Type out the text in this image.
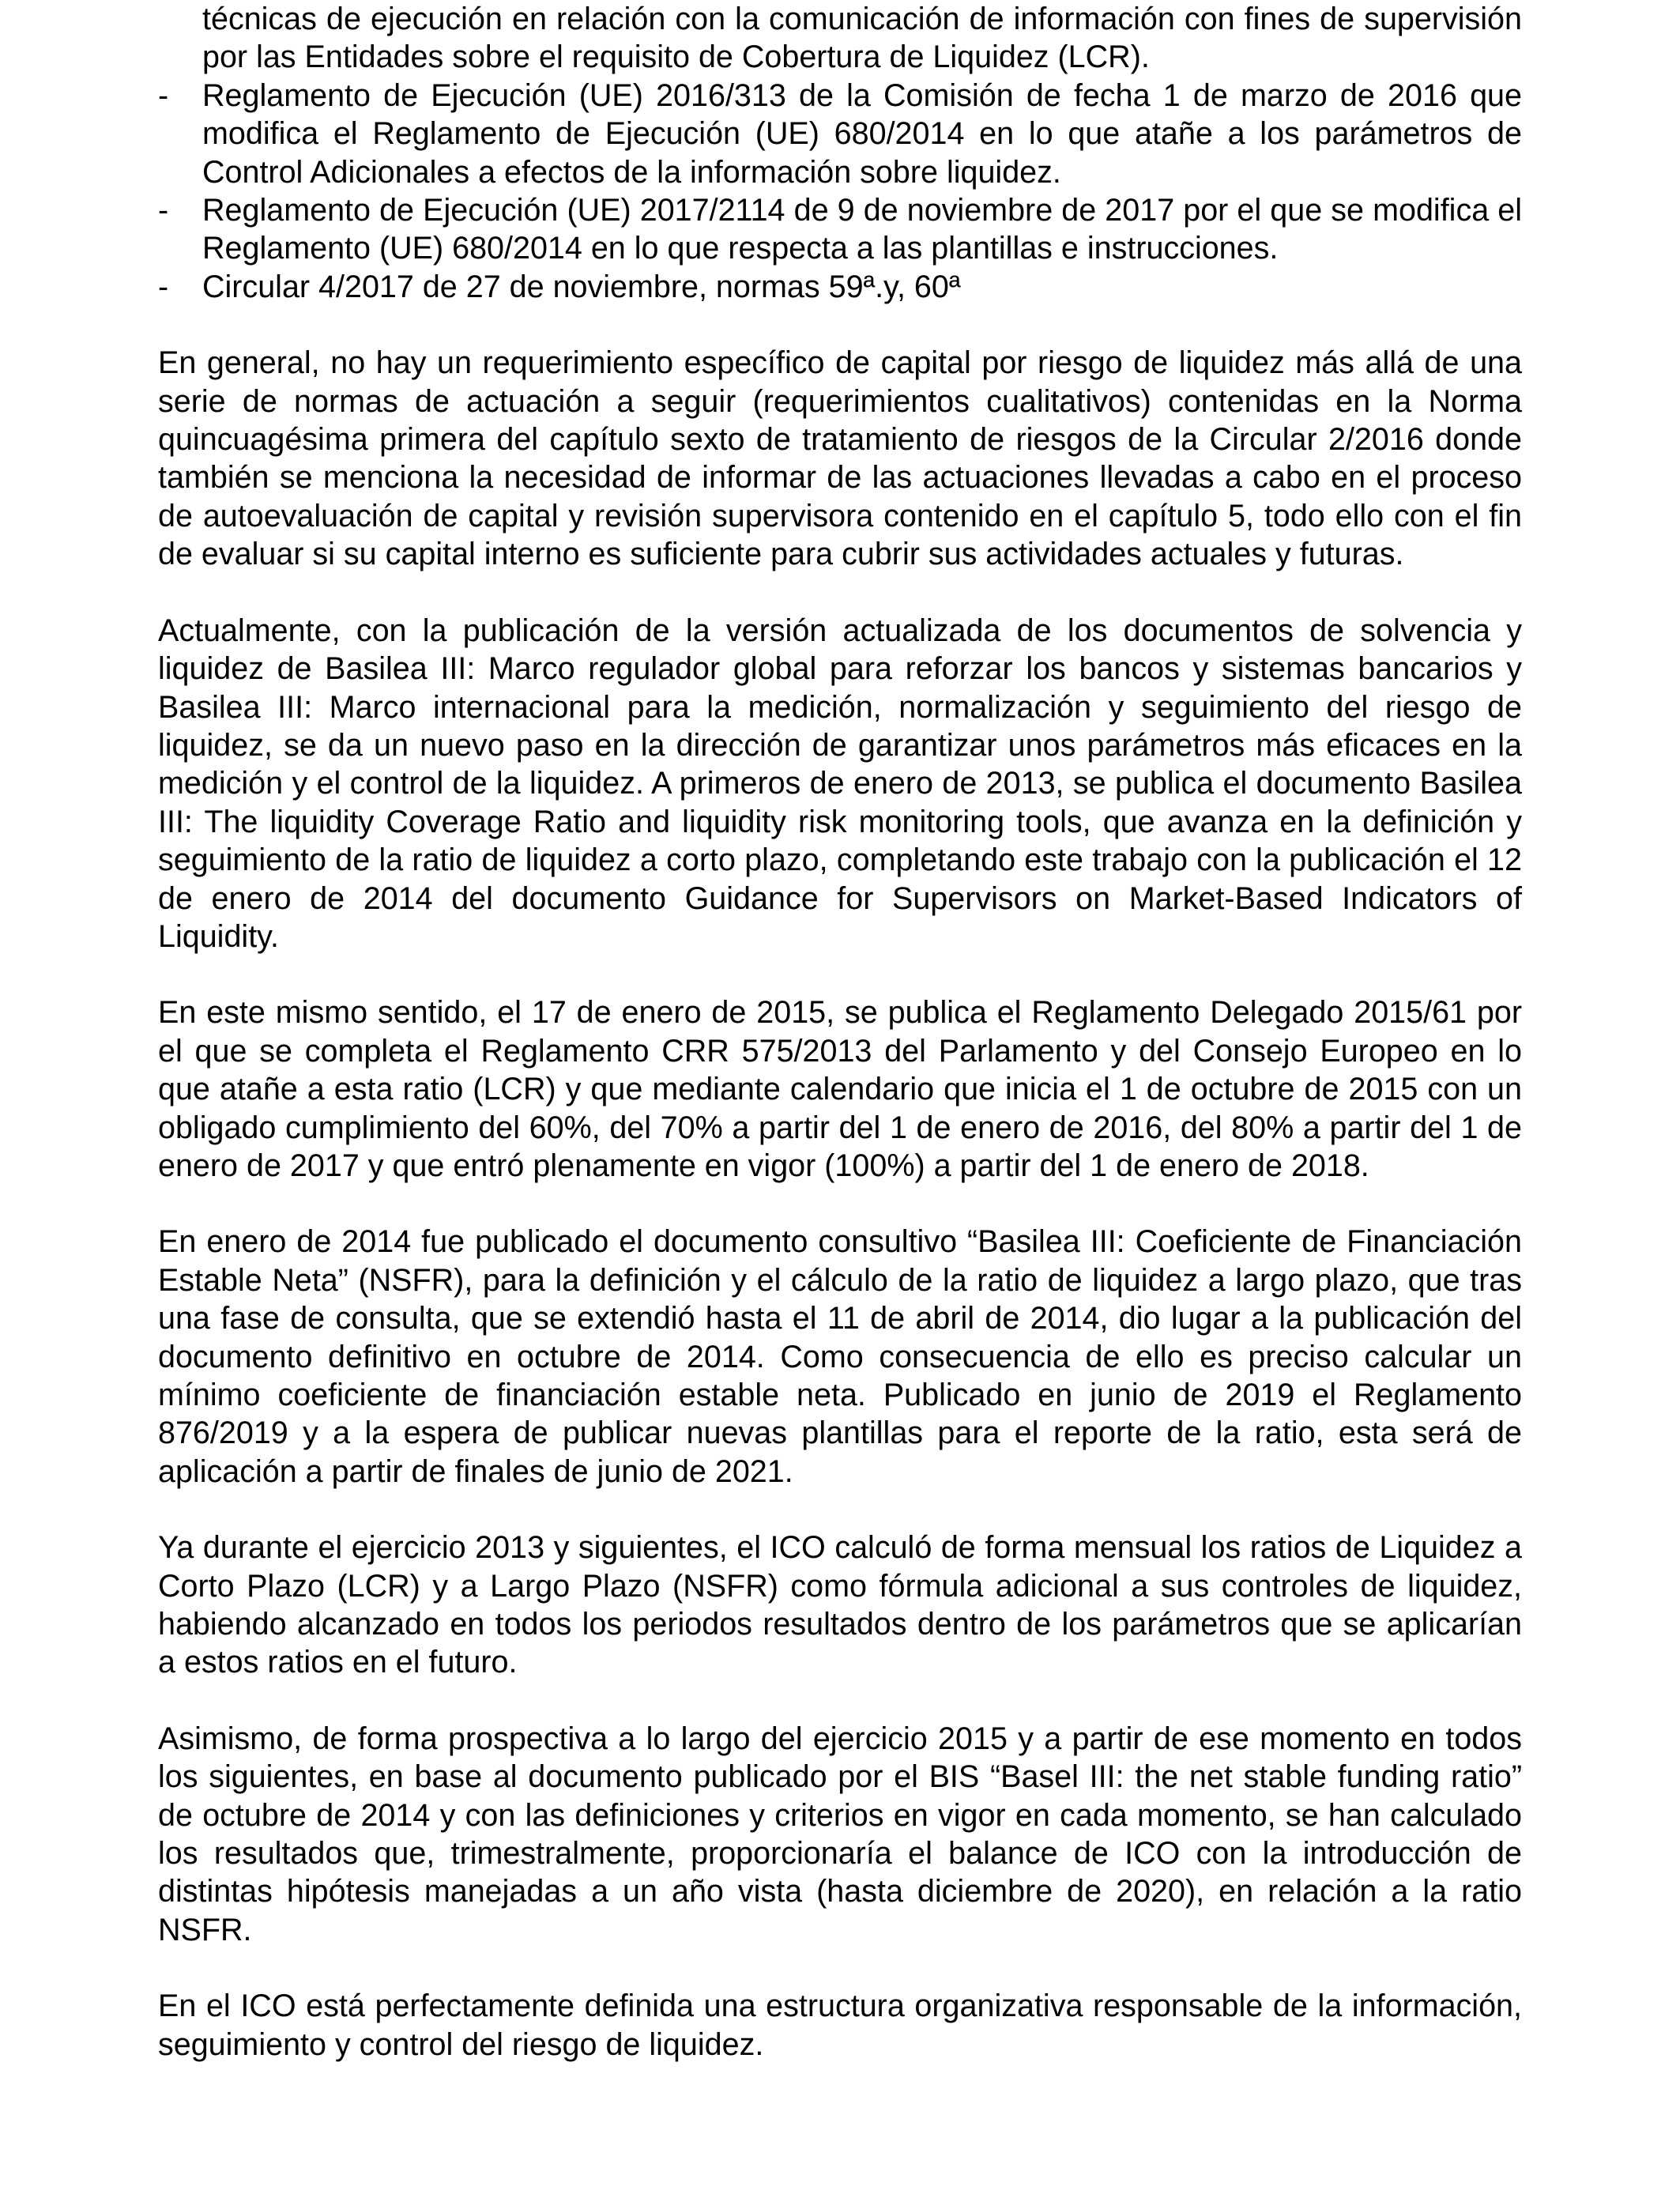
técnicas de ejecución en relación con la comunicación de información con fines de supervisión por las Entidades sobre el requisito de Cobertura de Liquidez (LCR).
- Reglamento de Ejecución (UE) 2016/313 de la Comisión de fecha 1 de marzo de 2016 que modifica el Reglamento de Ejecución (UE) 680/2014 en lo que atañe a los parámetros de Control Adicionales a efectos de la información sobre liquidez.
- Reglamento de Ejecución (UE) 2017/2114 de 9 de noviembre de 2017 por el que se modifica el Reglamento (UE) 680/2014 en lo que respecta a las plantillas e instrucciones.
- Circular 4/2017 de 27 de noviembre, normas 59ª.y, 60ª

En general, no hay un requerimiento específico de capital por riesgo de liquidez más allá de una serie de normas de actuación a seguir (requerimientos cualitativos) contenidas en la Norma quincuagésima primera del capítulo sexto de tratamiento de riesgos de la Circular 2/2016 donde también se menciona la necesidad de informar de las actuaciones llevadas a cabo en el proceso de autoevaluación de capital y revisión supervisora contenido en el capítulo 5, todo ello con el fin de evaluar si su capital interno es suficiente para cubrir sus actividades actuales y futuras.

Actualmente, con la publicación de la versión actualizada de los documentos de solvencia y liquidez de Basilea III: Marco regulador global para reforzar los bancos y sistemas bancarios y Basilea III: Marco internacional para la medición, normalización y seguimiento del riesgo de liquidez, se da un nuevo paso en la dirección de garantizar unos parámetros más eficaces en la medición y el control de la liquidez. A primeros de enero de 2013, se publica el documento Basilea III: The liquidity Coverage Ratio and liquidity risk monitoring tools, que avanza en la definición y seguimiento de la ratio de liquidez a corto plazo, completando este trabajo con la publicación el 12 de enero de 2014 del documento Guidance for Supervisors on Market-Based Indicators of Liquidity.

En este mismo sentido, el 17 de enero de 2015, se publica el Reglamento Delegado 2015/61 por el que se completa el Reglamento CRR 575/2013 del Parlamento y del Consejo Europeo en lo que atañe a esta ratio (LCR) y que mediante calendario que inicia el 1 de octubre de 2015 con un obligado cumplimiento del 60%, del 70% a partir del 1 de enero de 2016, del 80% a partir del 1 de enero de 2017 y que entró plenamente en vigor (100%) a partir del 1 de enero de 2018.

En enero de 2014 fue publicado el documento consultivo “Basilea III: Coeficiente de Financiación Estable Neta” (NSFR), para la definición y el cálculo de la ratio de liquidez a largo plazo, que tras una fase de consulta, que se extendió hasta el 11 de abril de 2014, dio lugar a la publicación del documento definitivo en octubre de 2014. Como consecuencia de ello es preciso calcular un mínimo coeficiente de financiación estable neta. Publicado en junio de 2019 el Reglamento 876/2019 y a la espera de publicar nuevas plantillas para el reporte de la ratio, esta será de aplicación a partir de finales de junio de 2021.

Ya durante el ejercicio 2013 y siguientes, el ICO calculó de forma mensual los ratios de Liquidez a Corto Plazo (LCR) y a Largo Plazo (NSFR) como fórmula adicional a sus controles de liquidez, habiendo alcanzado en todos los periodos resultados dentro de los parámetros que se aplicarían a estos ratios en el futuro.

Asimismo, de forma prospectiva a lo largo del ejercicio 2015 y a partir de ese momento en todos los siguientes, en base al documento publicado por el BIS “Basel III: the net stable funding ratio” de octubre de 2014 y con las definiciones y criterios en vigor en cada momento, se han calculado los resultados que, trimestralmente, proporcionaría el balance de ICO con la introducción de distintas hipótesis manejadas a un año vista (hasta diciembre de 2020), en relación a la ratio NSFR.

En el ICO está perfectamente definida una estructura organizativa responsable de la información, seguimiento y control del riesgo de liquidez.
